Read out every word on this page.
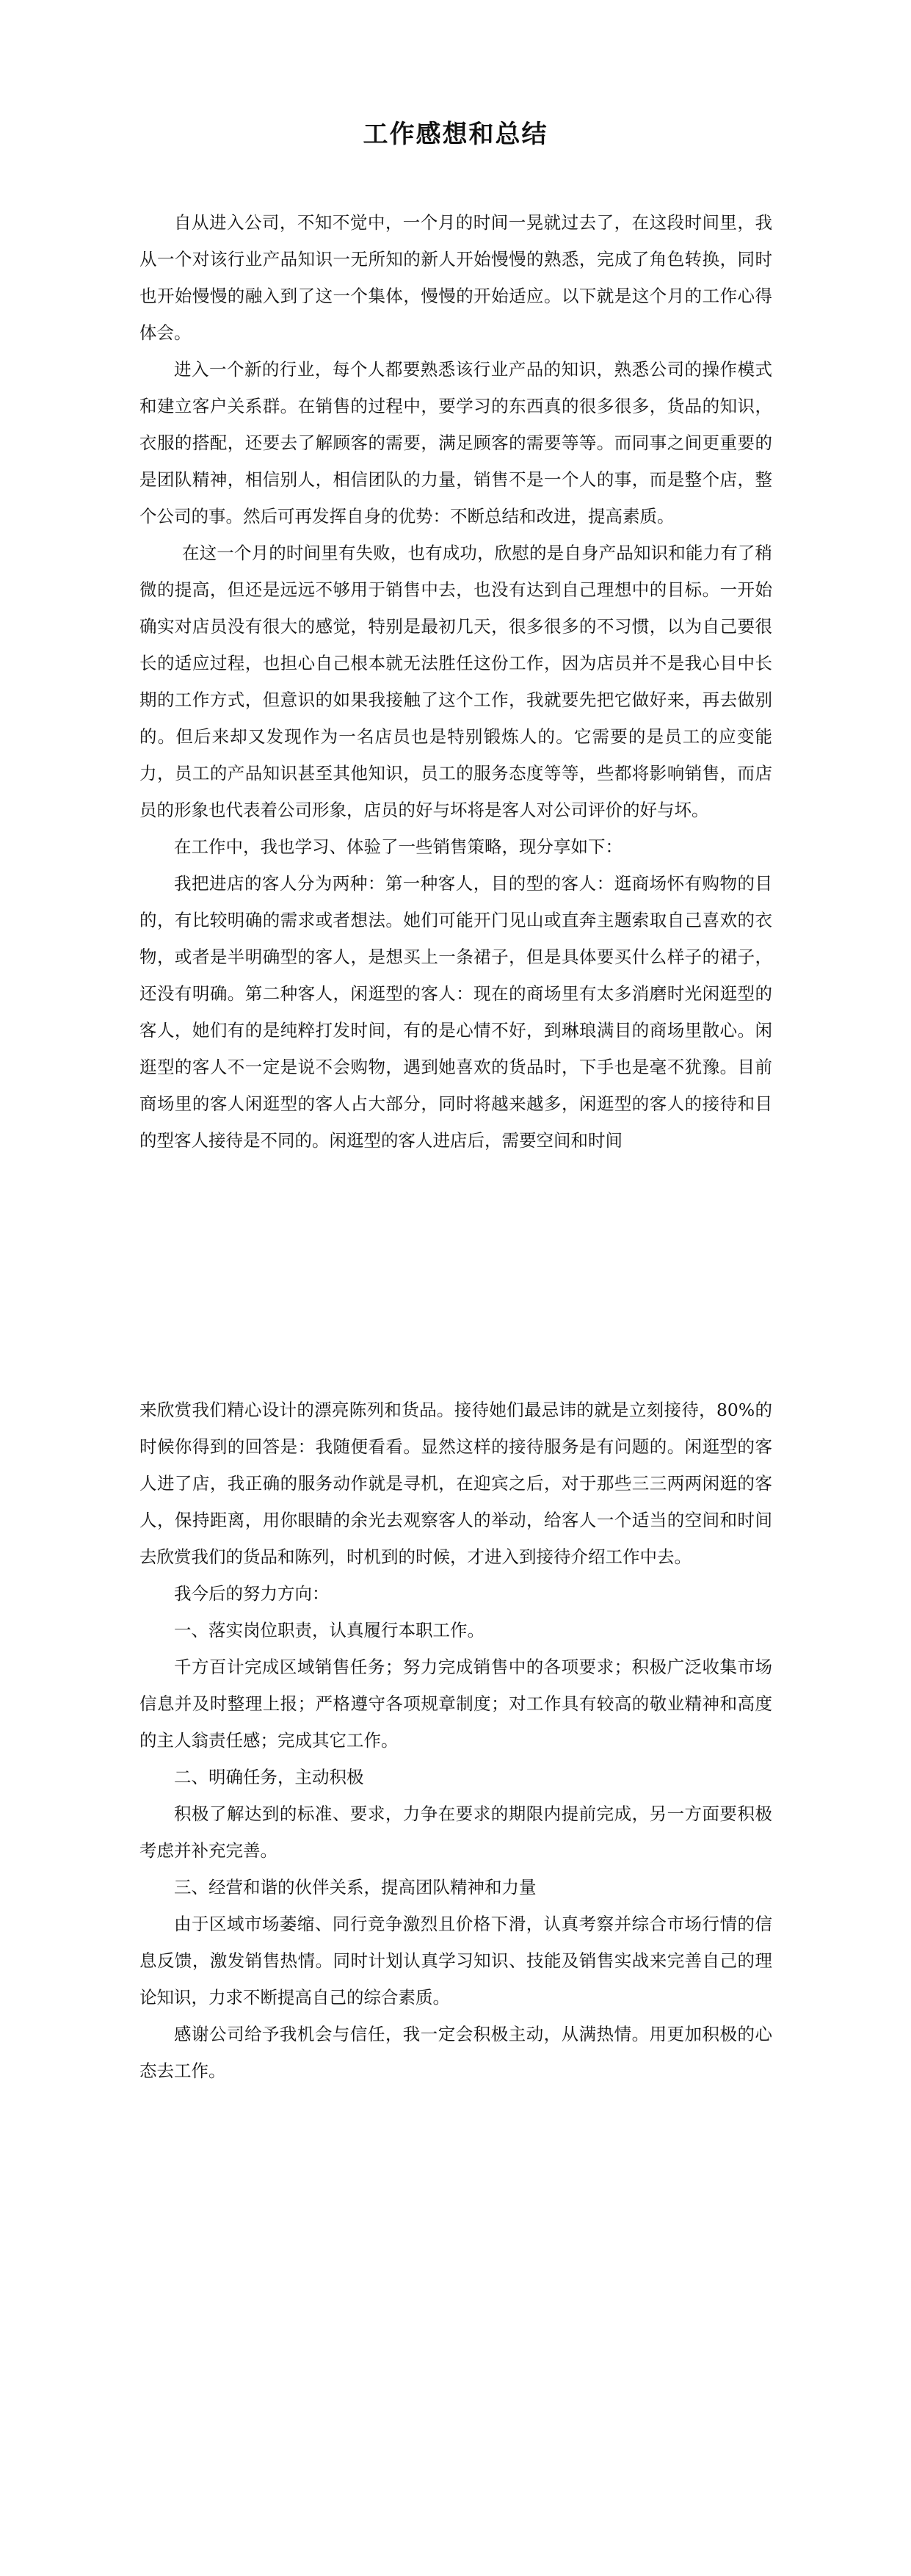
工作感想和总结

自从进入公司，不知不觉中，一个月的时间一晃就过去了，在这段时间里，我从一个对该行业产品知识一无所知的新人开始慢慢的熟悉，完成了角色转换，同时也开始慢慢的融入到了这一个集体，慢慢的开始适应。以下就是这个月的工作心得体会。

进入一个新的行业，每个人都要熟悉该行业产品的知识，熟悉公司的操作模式和建立客户关系群。在销售的过程中，要学习的东西真的很多很多，货品的知识，衣服的搭配，还要去了解顾客的需要，满足顾客的需要等等。而同事之间更重要的是团队精神，相信别人，相信团队的力量，销售不是一个人的事，而是整个店，整个公司的事。然后可再发挥自身的优势：不断总结和改进，提高素质。

在这一个月的时间里有失败，也有成功，欣慰的是自身产品知识和能力有了稍微的提高，但还是远远不够用于销售中去，也没有达到自己理想中的目标。一开始确实对店员没有很大的感觉，特别是最初几天，很多很多的不习惯，以为自己要很长的适应过程，也担心自己根本就无法胜任这份工作，因为店员并不是我心目中长期的工作方式，但意识的如果我接触了这个工作，我就要先把它做好来，再去做别的。但后来却又发现作为一名店员也是特别锻炼人的。它需要的是员工的应变能力，员工的产品知识甚至其他知识，员工的服务态度等等，些都将影响销售，而店员的形象也代表着公司形象，店员的好与坏将是客人对公司评价的好与坏。

在工作中，我也学习、体验了一些销售策略，现分享如下：

我把进店的客人分为两种：第一种客人，目的型的客人：逛商场怀有购物的目的，有比较明确的需求或者想法。她们可能开门见山或直奔主题索取自己喜欢的衣物，或者是半明确型的客人，是想买上一条裙子，但是具体要买什么样子的裙子，还没有明确。第二种客人，闲逛型的客人：现在的商场里有太多消磨时光闲逛型的客人，她们有的是纯粹打发时间，有的是心情不好，到琳琅满目的商场里散心。闲逛型的客人不一定是说不会购物，遇到她喜欢的货品时，下手也是毫不犹豫。目前商场里的客人闲逛型的客人占大部分，同时将越来越多，闲逛型的客人的接待和目的型客人接待是不同的。闲逛型的客人进店后，需要空间和时间

来欣赏我们精心设计的漂亮陈列和货品。接待她们最忌讳的就是立刻接待，80%的时候你得到的回答是：我随便看看。显然这样的接待服务是有问题的。闲逛型的客人进了店，我正确的服务动作就是寻机，在迎宾之后，对于那些三三两两闲逛的客人，保持距离，用你眼睛的余光去观察客人的举动，给客人一个适当的空间和时间去欣赏我们的货品和陈列，时机到的时候，才进入到接待介绍工作中去。

我今后的努力方向：

一、落实岗位职责，认真履行本职工作。

千方百计完成区域销售任务；努力完成销售中的各项要求；积极广泛收集市场信息并及时整理上报；严格遵守各项规章制度；对工作具有较高的敬业精神和高度的主人翁责任感；完成其它工作。

二、明确任务，主动积极

积极了解达到的标准、要求，力争在要求的期限内提前完成，另一方面要积极考虑并补充完善。

三、经营和谐的伙伴关系，提高团队精神和力量

由于区域市场萎缩、同行竞争激烈且价格下滑，认真考察并综合市场行情的信息反馈，激发销售热情。同时计划认真学习知识、技能及销售实战来完善自己的理论知识，力求不断提高自己的综合素质。

感谢公司给予我机会与信任，我一定会积极主动，从满热情。用更加积极的心态去工作。
